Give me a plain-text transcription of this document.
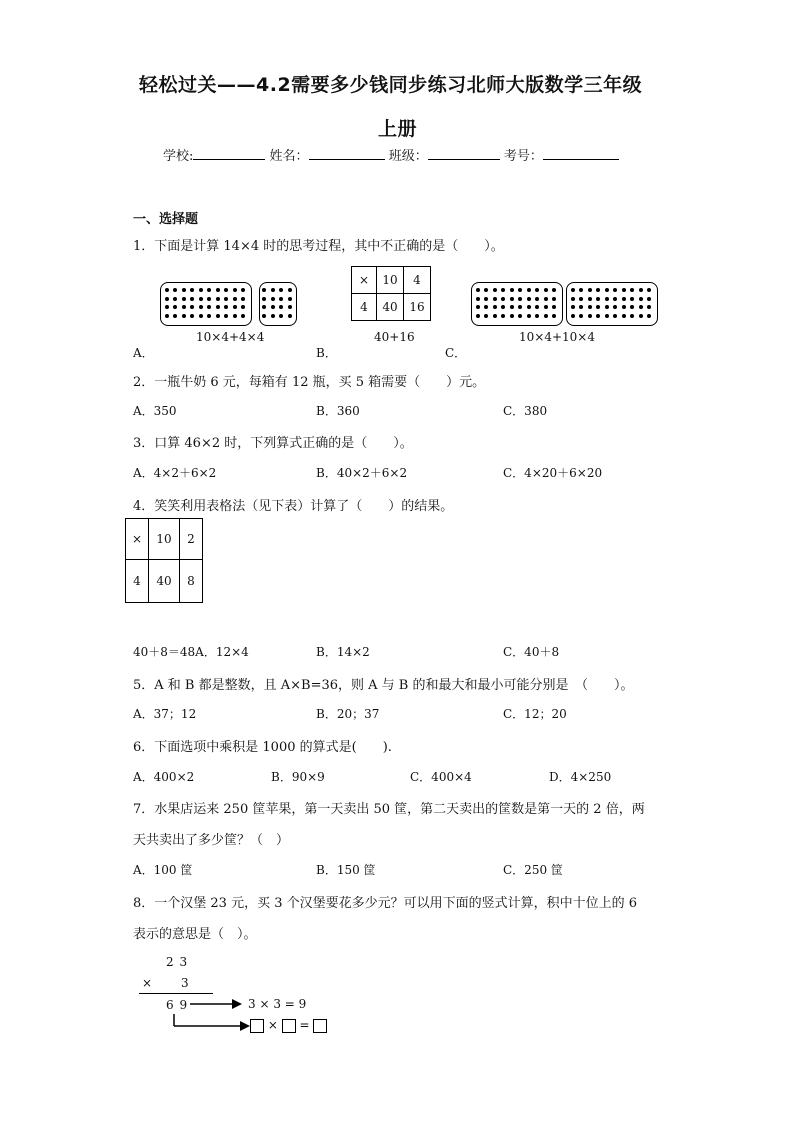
轻松过关——4.2需要多少钱同步练习北师大版数学三年级
上册
学校:	姓名：	班级：	考号：
一、选择题
1．下面是计算 14×4 时的思考过程，其中不正确的是（　　）。
10×4+4×4
×	10	4
4	40	16
40+16	10×4+10×4
A．	B．	C．
2．一瓶牛奶 6 元，每箱有 12 瓶，买 5 箱需要（　　）元。
A．350	B．360	C．380
3．口算 46×2 时，下列算式正确的是（　　）。
A．4×2＋6×2	B．40×2＋6×2	C．4×20＋6×20
4．笑笑利用表格法（见下表）计算了（　　）的结果。
×	10	2
4	40	8
40＋8＝48A．12×4	B．14×2	C．40＋8
5．A 和 B 都是整数，且 A×B=36，则 A 与 B 的和最大和最小可能分别是　（　　）。
A．37；12	B．20；37	C．12；20
6．下面选项中乘积是 1000 的算式是(　　).
A．400×2	B．90×9	C．400×4	D．4×250
7．水果店运来 250 筐苹果，第一天卖出 50 筐，第二天卖出的筐数是第一天的 2 倍，两
天共卖出了多少筐？（　）
A．100 筐	B．150 筐	C．250 筐
8．一个汉堡 23 元，买 3 个汉堡要花多少元？可以用下面的竖式计算，积中十位上的 6
表示的意思是（　）。
2 3
× 3
6 9	3 × 3 = 9
× =
